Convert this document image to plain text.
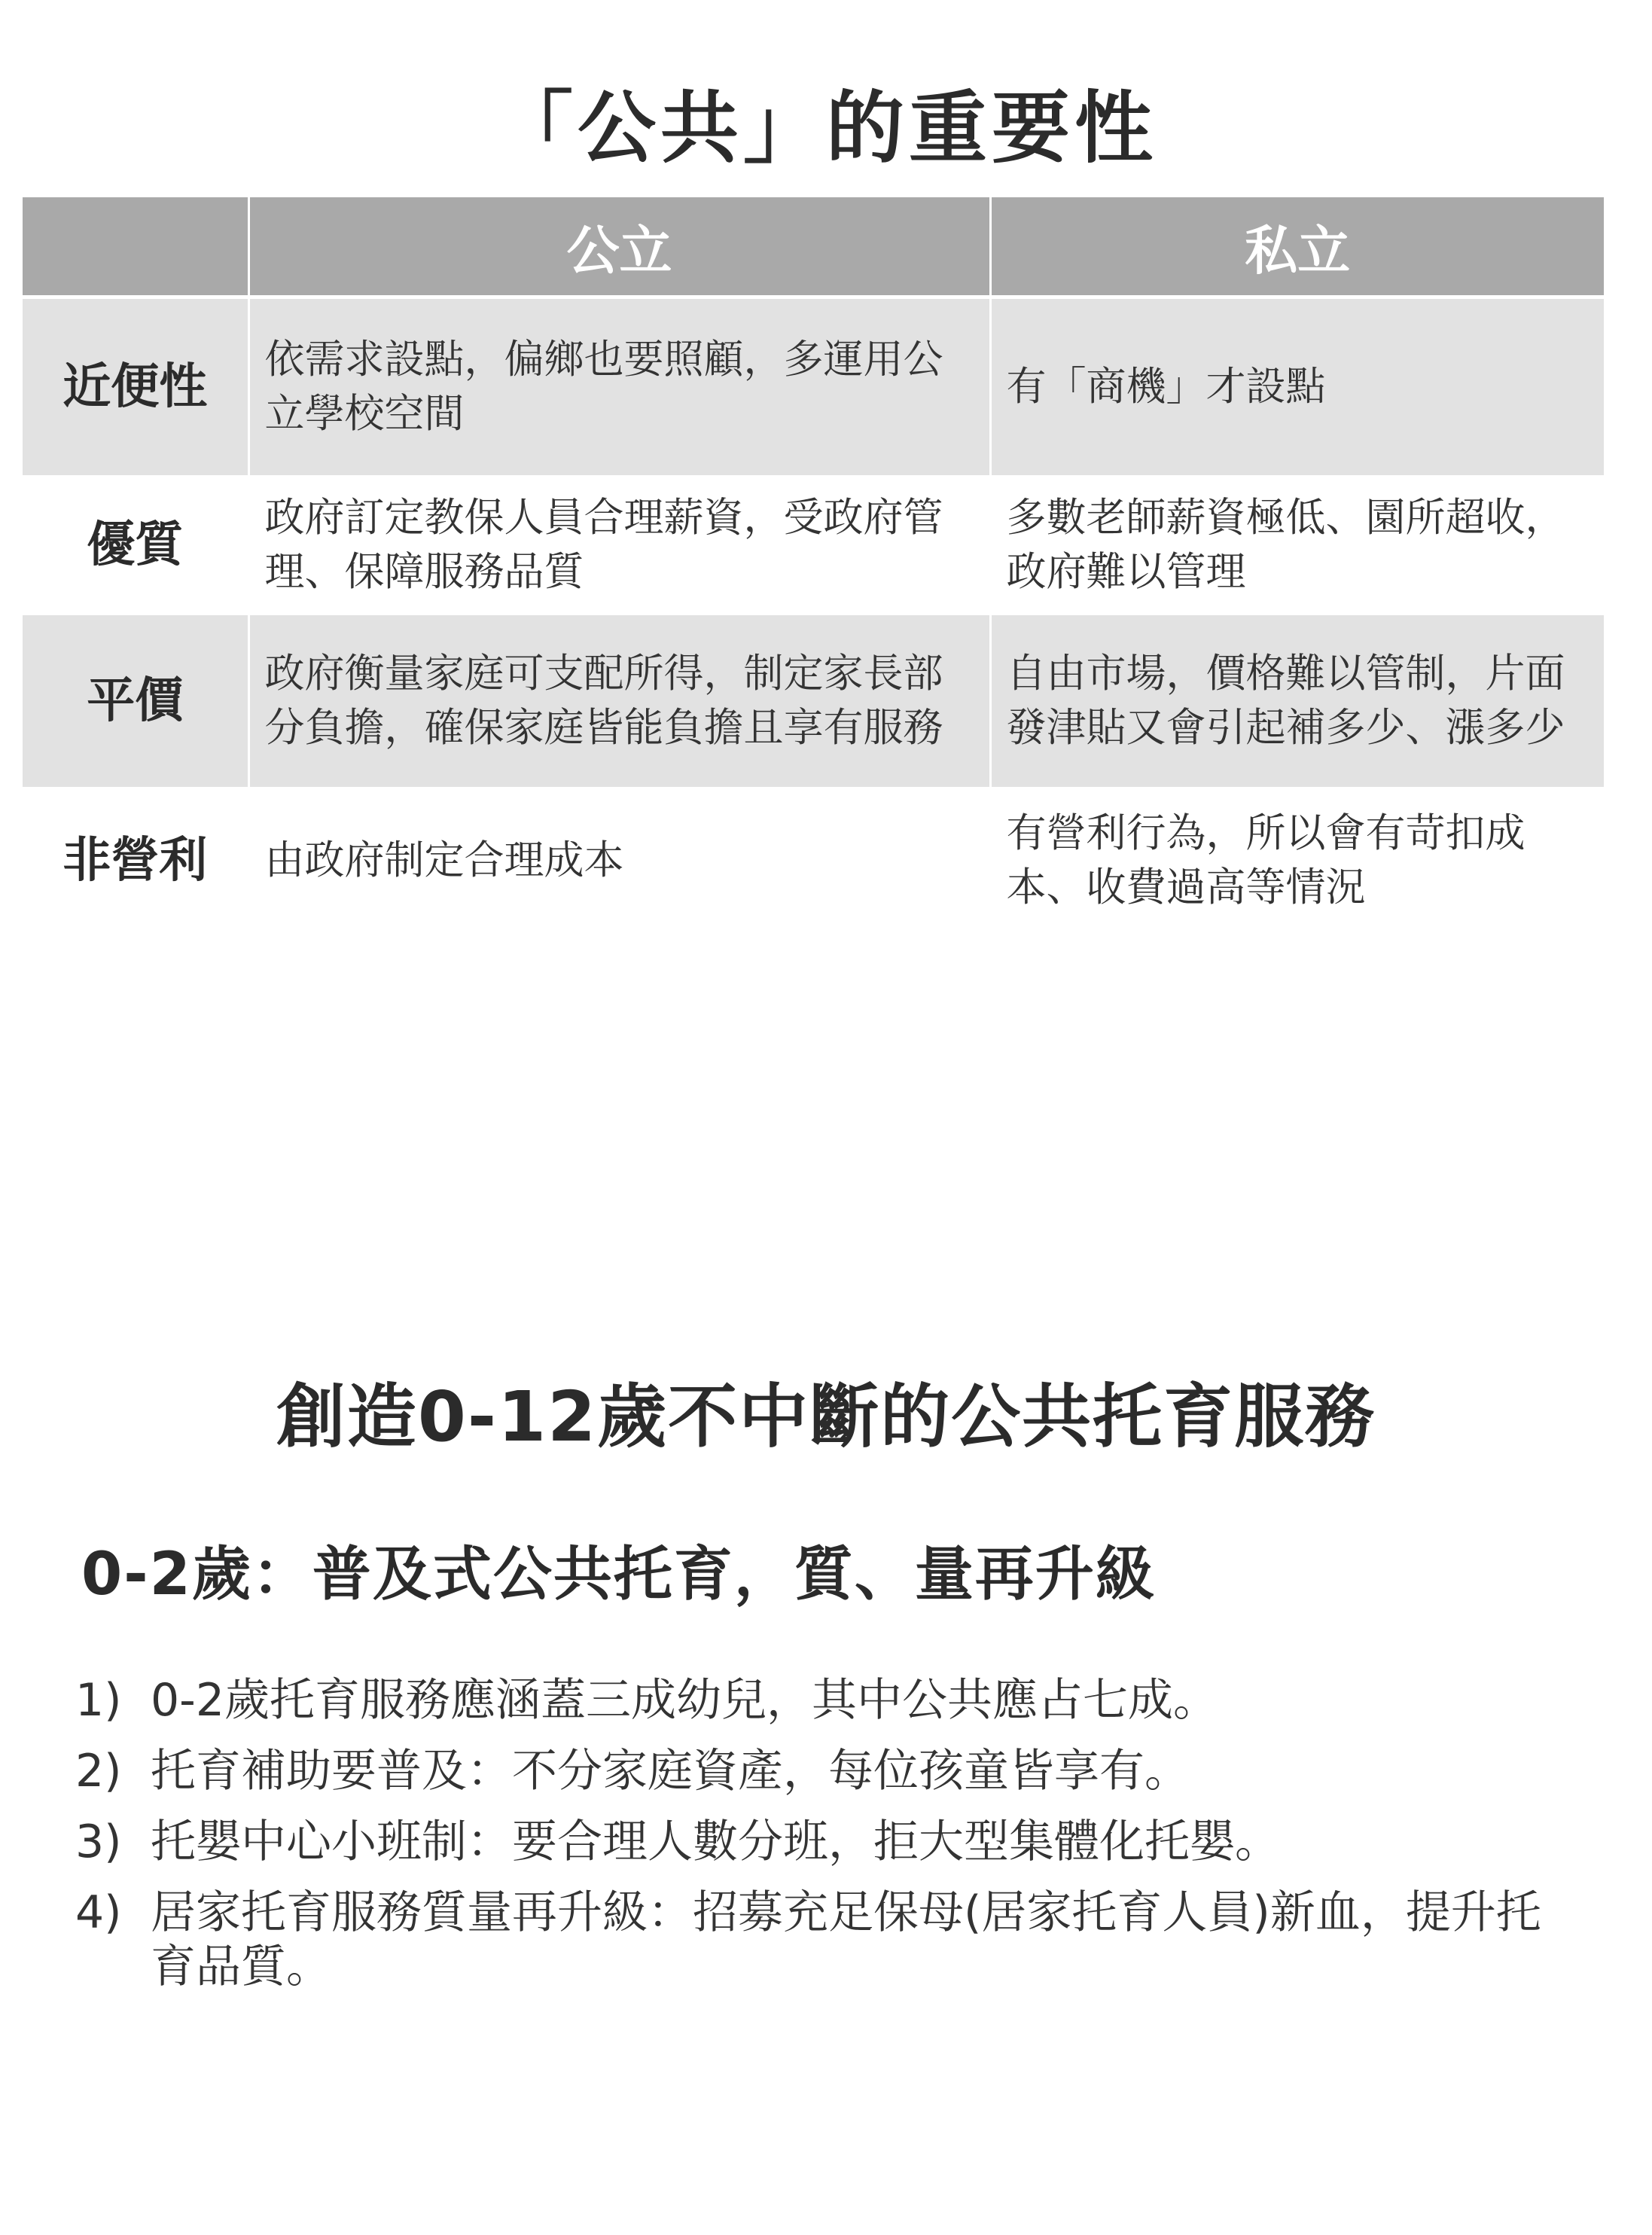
「公共」的重要性
	公立	私立
近便性	依需求設點，偏鄉也要照顧，多運用公立學校空間	有「商機」才設點
優質	政府訂定教保人員合理薪資，受政府管理、保障服務品質	多數老師薪資極低、園所超收，政府難以管理
平價	政府衡量家庭可支配所得，制定家長部分負擔，確保家庭皆能負擔且享有服務	自由市場，價格難以管制，片面發津貼又會引起補多少、漲多少
非營利	由政府制定合理成本	有營利行為，所以會有苛扣成本、收費過高等情況
創造0-12歲不中斷的公共托育服務
0-2歲：普及式公共托育，質、量再升級
1) 0-2歲托育服務應涵蓋三成幼兒，其中公共應占七成。
2) 托育補助要普及：不分家庭資產，每位孩童皆享有。
3) 托嬰中心小班制：要合理人數分班，拒大型集體化托嬰。
4) 居家托育服務質量再升級：招募充足保母(居家托育人員)新血，提升托育品質。
